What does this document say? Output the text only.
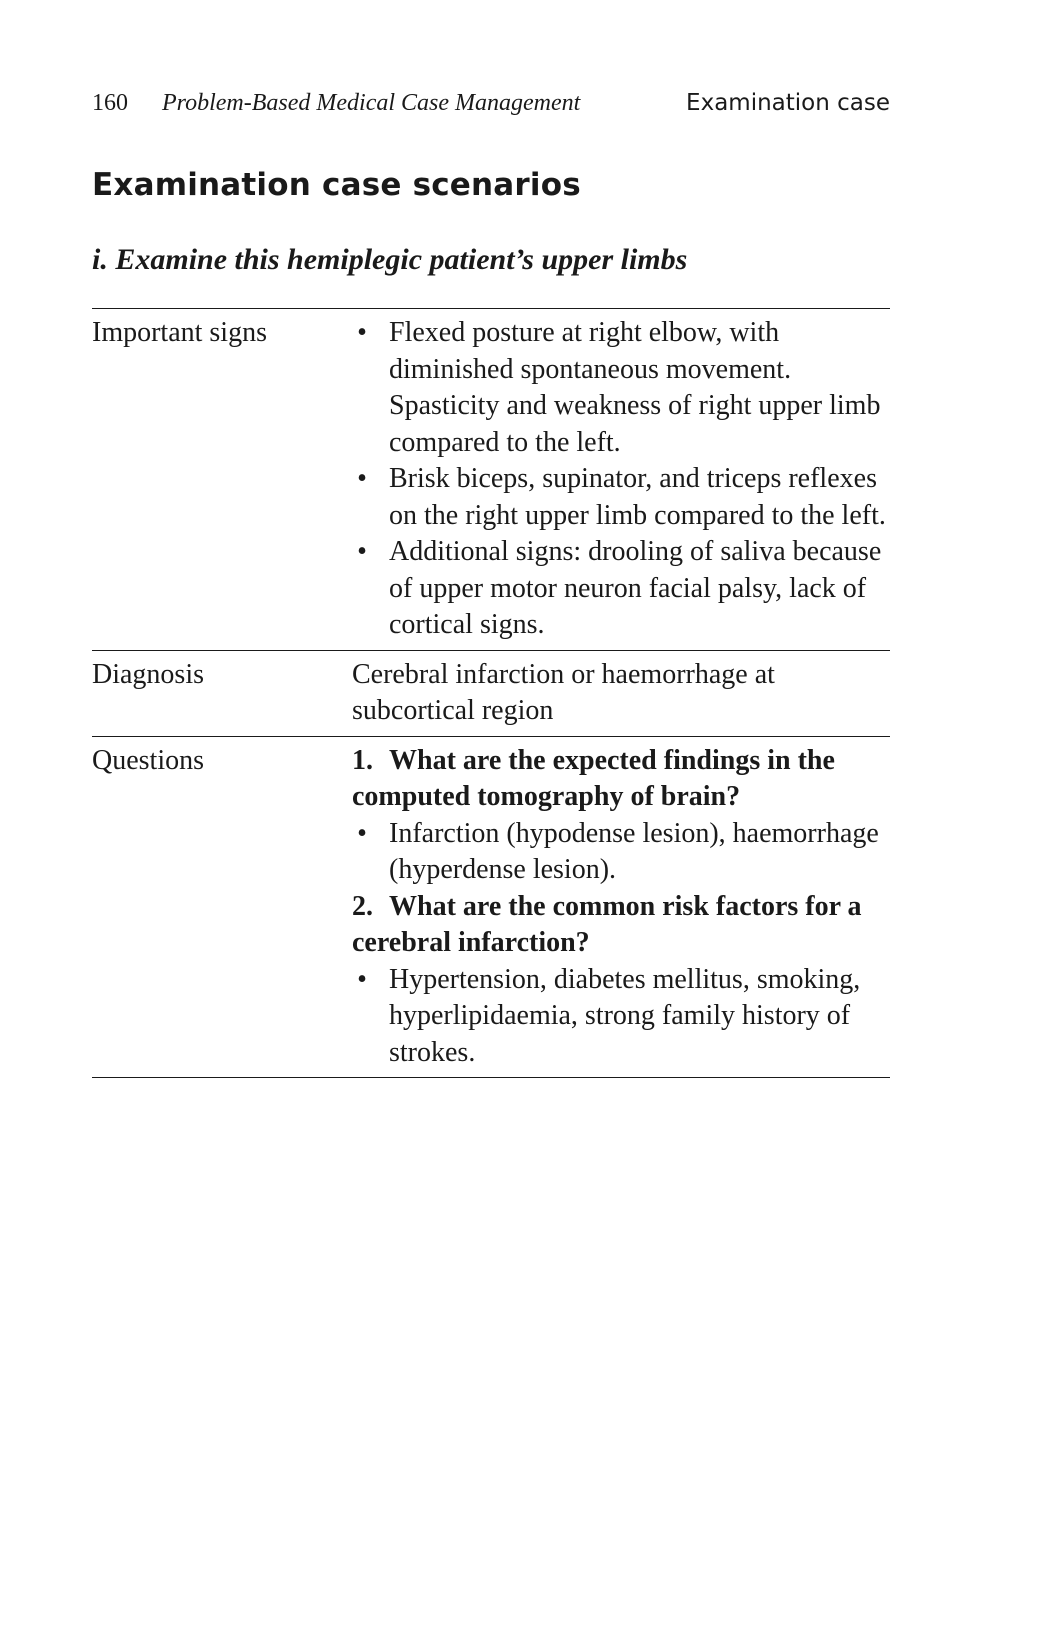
160 Problem-Based Medical Case Management	Examination case
Examination case scenarios
i. Examine this hemiplegic patient’s upper limbs
Important signs	• Flexed posture at right elbow, with diminished spontaneous movement. Spasticity and weakness of right upper limb compared to the left.
• Brisk biceps, supinator, and triceps reflexes on the right upper limb compared to the left.
• Additional signs: drooling of saliva because of upper motor neuron facial palsy, lack of cortical signs.
Diagnosis	Cerebral infarction or haemorrhage at subcortical region
Questions	1. What are the expected findings in the computed tomography of brain?
• Infarction (hypodense lesion), haemorrhage (hyperdense lesion).
2. What are the common risk factors for a cerebral infarction?
• Hypertension, diabetes mellitus, smoking, hyperlipidaemia, strong family history of strokes.
